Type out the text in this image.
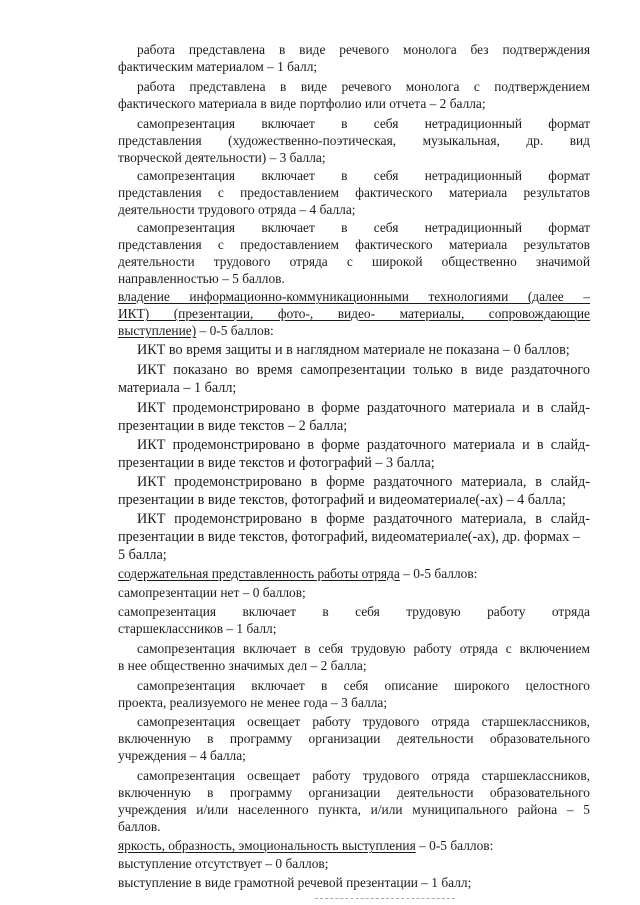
работа представлена в виде речевого монолога без подтверждения
фактическим материалом – 1 балл;
работа представлена в виде речевого монолога с подтверждением
фактического материала в виде портфолио или отчета – 2 балла;
самопрезентация включает в себя нетрадиционный формат
представления (художественно-поэтическая, музыкальная, др. вид
творческой деятельности) – 3 балла;
самопрезентация включает в себя нетрадиционный формат
представления с предоставлением фактического материала результатов
деятельности трудового отряда – 4 балла;
самопрезентация включает в себя нетрадиционный формат
представления с предоставлением фактического материала результатов
деятельности трудового отряда с широкой общественно значимой
направленностью – 5 баллов.
владение информационно-коммуникационными технологиями (далее –
ИКТ) (презентации, фото-, видео- материалы, сопровождающие
выступление) – 0-5 баллов:
ИКТ во время защиты и в наглядном материале не показана – 0 баллов;
ИКТ показано во время самопрезентации только в виде раздаточного
материала – 1 балл;
ИКТ продемонстрировано в форме раздаточного материала и в слайд-
презентации в виде текстов – 2 балла;
ИКТ продемонстрировано в форме раздаточного материала и в слайд-
презентации в виде текстов и фотографий – 3 балла;
ИКТ продемонстрировано в форме раздаточного материала, в слайд-
презентации в виде текстов, фотографий и видеоматериале(-ах) – 4 балла;
ИКТ продемонстрировано в форме раздаточного материала, в слайд-
презентации в виде текстов, фотографий, видеоматериале(-ах), др. формах –
5 балла;
содержательная представленность работы отряда – 0-5 баллов:
самопрезентации нет – 0 баллов;
самопрезентация включает в себя трудовую работу отряда
старшеклассников – 1 балл;
самопрезентация включает в себя трудовую работу отряда с включением
в нее общественно значимых дел – 2 балла;
самопрезентация включает в себя описание широкого целостного
проекта, реализуемого не менее года – 3 балла;
самопрезентация освещает работу трудового отряда старшеклассников,
включенную в программу организации деятельности образовательного
учреждения – 4 балла;
самопрезентация освещает работу трудового отряда старшеклассников,
включенную в программу организации деятельности образовательного
учреждения и/или населенного пункта, и/или муниципального района – 5
баллов.
яркость, образность, эмоциональность выступления – 0-5 баллов:
выступление отсутствует – 0 баллов;
выступление в виде грамотной речевой презентации – 1 балл;
